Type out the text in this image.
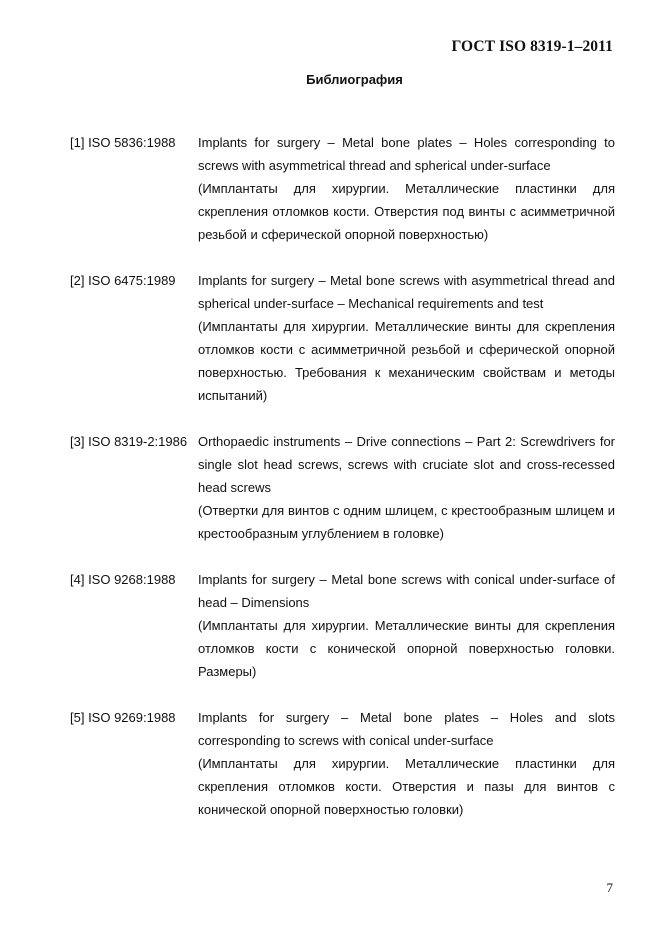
ГОСТ ISO 8319-1–2011
Библиография
[1] ISO 5836:1988 Implants for surgery – Metal bone plates – Holes corresponding to screws with asymmetrical thread and spherical under-surface

(Имплантаты для хирургии. Металлические пластинки для скрепления отломков кости. Отверстия под винты с асимметричной резьбой и сферической опорной поверхностью)

[2] ISO 6475:1989 Implants for surgery – Metal bone screws with asymmetrical thread and spherical under-surface – Mechanical requirements and test

(Имплантаты для хирургии. Металлические винты для скрепления отломков кости с асимметричной резьбой и сферической опорной поверхностью. Требования к механическим свойствам и методы испытаний)

[3] ISO 8319-2:1986 Orthopaedic instruments – Drive connections – Part 2: Screwdrivers for single slot head screws, screws with cruciate slot and cross-recessed head screws

(Отвертки для винтов с одним шлицем, с крестообразным шлицем и крестообразным углублением в головке)

[4] ISO 9268:1988 Implants for surgery – Metal bone screws with conical under-surface of head – Dimensions

(Имплантаты для хирургии. Металлические винты для скрепления отломков кости с конической опорной поверхностью головки. Размеры)

[5] ISO 9269:1988 Implants for surgery – Metal bone plates – Holes and slots corresponding to screws with conical under-surface

(Имплантаты для хирургии. Металлические пластинки для скрепления отломков кости. Отверстия и пазы для винтов с конической опорной поверхностью головки)

7
